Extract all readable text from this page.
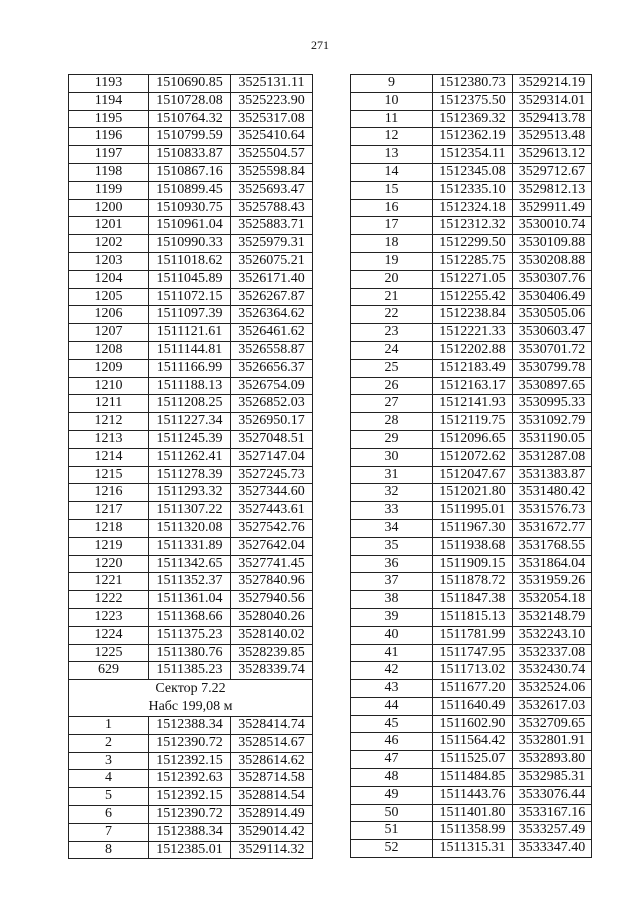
271
1193	1510690.85	3525131.11
1194	1510728.08	3525223.90
1195	1510764.32	3525317.08
1196	1510799.59	3525410.64
1197	1510833.87	3525504.57
1198	1510867.16	3525598.84
1199	1510899.45	3525693.47
1200	1510930.75	3525788.43
1201	1510961.04	3525883.71
1202	1510990.33	3525979.31
1203	1511018.62	3526075.21
1204	1511045.89	3526171.40
1205	1511072.15	3526267.87
1206	1511097.39	3526364.62
1207	1511121.61	3526461.62
1208	1511144.81	3526558.87
1209	1511166.99	3526656.37
1210	1511188.13	3526754.09
1211	1511208.25	3526852.03
1212	1511227.34	3526950.17
1213	1511245.39	3527048.51
1214	1511262.41	3527147.04
1215	1511278.39	3527245.73
1216	1511293.32	3527344.60
1217	1511307.22	3527443.61
1218	1511320.08	3527542.76
1219	1511331.89	3527642.04
1220	1511342.65	3527741.45
1221	1511352.37	3527840.96
1222	1511361.04	3527940.56
1223	1511368.66	3528040.26
1224	1511375.23	3528140.02
1225	1511380.76	3528239.85
629	1511385.23	3528339.74

Сектор 7.22
Набс 199,08 м		

1	1512388.34	3528414.74
2	1512390.72	3528514.67
3	1512392.15	3528614.62
4	1512392.63	3528714.58
5	1512392.15	3528814.54
6	1512390.72	3528914.49
7	1512388.34	3529014.42
8	1512385.01	3529114.32
9	1512380.73	3529214.19
10	1512375.50	3529314.01
11	1512369.32	3529413.78
12	1512362.19	3529513.48
13	1512354.11	3529613.12
14	1512345.08	3529712.67
15	1512335.10	3529812.13
16	1512324.18	3529911.49
17	1512312.32	3530010.74
18	1512299.50	3530109.88
19	1512285.75	3530208.88
20	1512271.05	3530307.76
21	1512255.42	3530406.49
22	1512238.84	3530505.06
23	1512221.33	3530603.47
24	1512202.88	3530701.72
25	1512183.49	3530799.78
26	1512163.17	3530897.65
27	1512141.93	3530995.33
28	1512119.75	3531092.79
29	1512096.65	3531190.05
30	1512072.62	3531287.08
31	1512047.67	3531383.87
32	1512021.80	3531480.42
33	1511995.01	3531576.73
34	1511967.30	3531672.77
35	1511938.68	3531768.55
36	1511909.15	3531864.04
37	1511878.72	3531959.26
38	1511847.38	3532054.18
39	1511815.13	3532148.79
40	1511781.99	3532243.10
41	1511747.95	3532337.08
42	1511713.02	3532430.74
43	1511677.20	3532524.06
44	1511640.49	3532617.03
45	1511602.90	3532709.65
46	1511564.42	3532801.91
47	1511525.07	3532893.80
48	1511484.85	3532985.31
49	1511443.76	3533076.44
50	1511401.80	3533167.16
51	1511358.99	3533257.49
52	1511315.31	3533347.40
